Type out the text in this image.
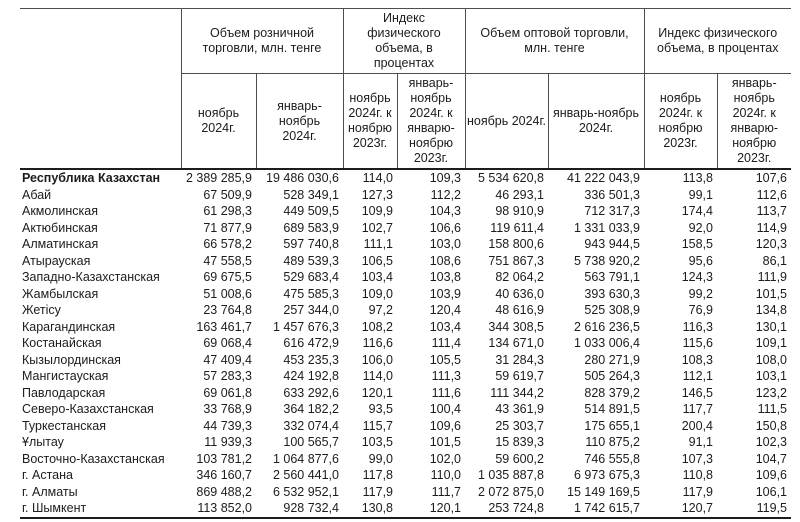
	Объем розничной торговли, млн. тенге		Индекс физического объема, в процентах		Объем оптовой торговли, млн. тенге		Индекс физического объема, в процентах	
	ноябрь 2024г.	январь-ноябрь 2024г.	ноябрь 2024г. к ноябрю 2023г.	январь-ноябрь 2024г. к январю-ноябрю 2023г.	ноябрь 2024г.	январь-ноябрь 2024г.	ноябрь 2024г. к ноябрю 2023г.	январь-ноябрь 2024г. к январю-ноябрю 2023г.
Республика Казахстан	2 389 285,9	19 486 030,6	114,0	109,3	5 534 620,8	41 222 043,9	113,8	107,6
Абай	67 509,9	528 349,1	127,3	112,2	46 293,1	336 501,3	99,1	112,6
Акмолинская	61 298,3	449 509,5	109,9	104,3	98 910,9	712 317,3	174,4	113,7
Актюбинская	71 877,9	689 583,9	102,7	106,6	119 611,4	1 331 033,9	92,0	114,9
Алматинская	66 578,2	597 740,8	111,1	103,0	158 800,6	943 944,5	158,5	120,3
Атырауская	47 558,5	489 539,3	106,5	108,6	751 867,3	5 738 920,2	95,6	86,1
Западно-Казахстанская	69 675,5	529 683,4	103,4	103,8	82 064,2	563 791,1	124,3	111,9
Жамбылская	51 008,6	475 585,3	109,0	103,9	40 636,0	393 630,3	99,2	101,5
Жетісу	23 764,8	257 344,0	97,2	120,4	48 616,9	525 308,9	76,9	134,8
Карагандинская	163 461,7	1 457 676,3	108,2	103,4	344 308,5	2 616 236,5	116,3	130,1
Костанайская	69 068,4	616 472,9	116,6	111,4	134 671,0	1 033 006,4	115,6	109,1
Кызылординская	47 409,4	453 235,3	106,0	105,5	31 284,3	280 271,9	108,3	108,0
Мангистауская	57 283,3	424 192,8	114,0	111,3	59 619,7	505 264,3	112,1	103,1
Павлодарская	69 061,8	633 292,6	120,1	111,6	111 344,2	828 379,2	146,5	123,2
Северо-Казахстанская	33 768,9	364 182,2	93,5	100,4	43 361,9	514 891,5	117,7	111,5
Туркестанская	44 739,3	332 074,4	115,7	109,6	25 303,7	175 655,1	200,4	150,8
Ұлытау	11 939,3	100 565,7	103,5	101,5	15 839,3	110 875,2	91,1	102,3
Восточно-Казахстанская	103 781,2	1 064 877,6	99,0	102,0	59 600,2	746 555,8	107,3	104,7
г. Астана	346 160,7	2 560 441,0	117,8	110,0	1 035 887,8	6 973 675,3	110,8	109,6
г. Алматы	869 488,2	6 532 952,1	117,9	111,7	2 072 875,0	15 149 169,5	117,9	106,1
г. Шымкент	113 852,0	928 732,4	130,8	120,1	253 724,8	1 742 615,7	120,7	119,5
